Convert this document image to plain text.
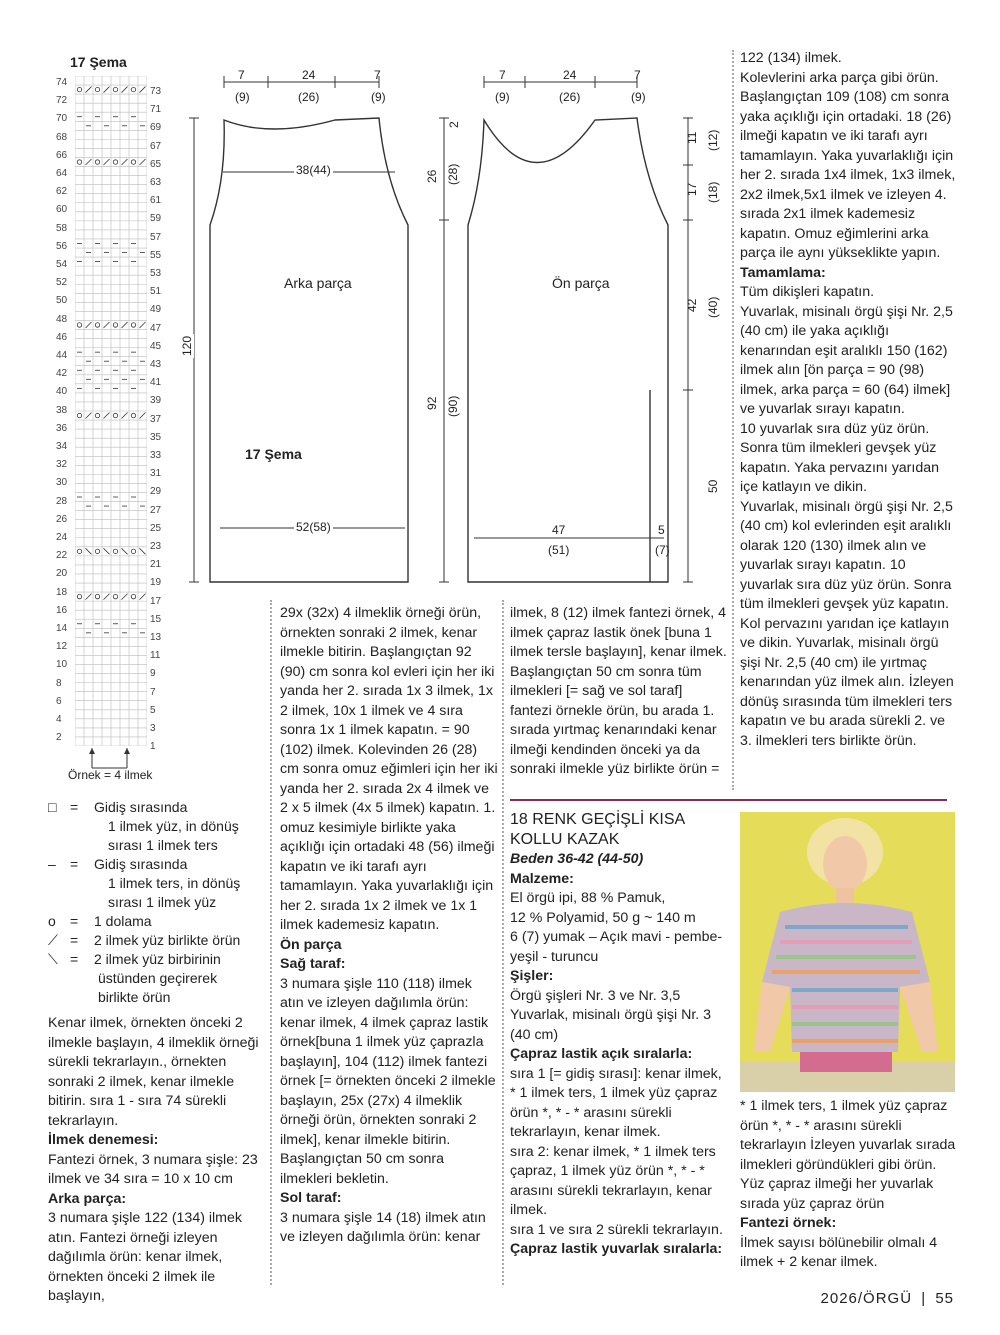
17 Şema
74
72
70
68
66
64
62
60
58
56
54
52
50
48
46
44
42
40
38
36
34
32
30
28
26
24
22
20
18
16
14
12
10
8
6
4
2
73
71
69
67
65
63
61
59
57
55
53
51
49
47
45
43
41
39
37
35
33
31
29
27
25
23
21
19
17
15
13
11
9
7
5
3
1
Örnek = 4 ilmek
□ =	Gidiş sırasında
1 ilmek yüz, in dönüş
sırası 1 ilmek ters
–	=	Gidiş sırasında
1 ilmek ters, in dönüş
sırası 1 ilmek yüz
o	=	1 dolama
⟋ =	2 ilmek yüz birlikte örün
⟍ =	2 ilmek yüz birbirinin
üstünden geçirerek
birlikte örün
7	24	7
(9)	(26)	(9)
38(44)
120
Arka parça
17 Şema
52(58)
7	24	7
(9)	(26)	(9)
2
26 (28)
92 (90)
11 (12)
17 (18)
42 (40)
50
Ön parça
47
(51)
5
(7)

Kenar ilmek, örnekten önceki 2 ilmekle başlayın, 4 ilmeklik örneği sürekli tekrarlayın., örnekten sonraki 2 ilmek, kenar ilmekle bitirin. sıra 1 - sıra 74 sürekli tekrarlayın.

İlmek denemesi:

Fantezi örnek, 3 numara şişle: 23 ilmek ve 34 sıra = 10 x 10 cm

Arka parça:

3 numara şişle 122 (134) ilmek atın. Fantezi örneği izleyen dağılımla örün: kenar ilmek, örnekten önceki 2 ilmek ile başlayın,

29x (32x) 4 ilmeklik örneği örün, örnekten sonraki 2 ilmek, kenar ilmekle bitirin. Başlangıçtan 92 (90) cm sonra kol evleri için her iki yanda her 2. sırada 1x 3 ilmek, 1x 2 ilmek, 10x 1 ilmek ve 4 sıra sonra 1x 1 ilmek kapatın. = 90 (102) ilmek. Kolevinden 26 (28) cm sonra omuz eğimleri için her iki yanda her 2. sırada 2x 4 ilmek ve 2 x 5 ilmek (4x 5 ilmek) kapatın. 1. omuz kesimiyle birlikte yaka açıklığı için ortadaki 48 (56) ilmeği kapatın ve iki tarafı ayrı tamamlayın. Yaka yuvarlaklığı için her 2. sırada 1x 2 ilmek ve 1x 1 ilmek kademesiz kapatın.

Ön parça

Sağ taraf:

3 numara şişle 110 (118) ilmek atın ve izleyen dağılımla örün: kenar ilmek, 4 ilmek çapraz lastik örnek[buna 1 ilmek yüz çaprazla başlayın], 104 (112) ilmek fantezi örnek [= örnekten önceki 2 ilmekle başlayın, 25x (27x) 4 ilmeklik örneği örün, örnekten sonraki 2 ilmek], kenar ilmekle bitirin. Başlangıçtan 50 cm sonra ilmekleri bekletin.

Sol taraf:

3 numara şişle 14 (18) ilmek atın ve izleyen dağılımla örün: kenar

ilmek, 8 (12) ilmek fantezi örnek, 4 ilmek çapraz lastik önek [buna 1 ilmek tersle başlayın], kenar ilmek. Başlangıçtan 50 cm sonra tüm ilmekleri [= sağ ve sol taraf] fantezi örnekle örün, bu arada 1. sırada yırtmaç kenarındaki kenar ilmeği kendinden önceki ya da sonraki ilmekle yüz birlikte örün =

18 RENK GEÇİŞLİ KISA

KOLLU KAZAK

Beden 36-42 (44-50)

Malzeme:

El örgü ipi, 88 % Pamuk,

12 % Polyamid, 50 g ~ 140 m

6 (7) yumak – Açık mavi - pembe-

yeşil - turuncu

Şişler:

Örgü şişleri Nr. 3 ve Nr. 3,5

Yuvarlak, misinalı örgü şişi Nr. 3

(40 cm)

Çapraz lastik açık sıralarla:

sıra 1 [= gidiş sırası]: kenar ilmek, * 1 ilmek ters, 1 ilmek yüz çapraz örün *, * - * arasını sürekli tekrarlayın, kenar ilmek.

sıra 2: kenar ilmek, * 1 ilmek ters çapraz, 1 ilmek yüz örün *, * - * arasını sürekli tekrarlayın, kenar ilmek.

sıra 1 ve sıra 2 sürekli tekrarlayın.

Çapraz lastik yuvarlak sıralarla:

122 (134) ilmek.

Kolevlerini arka parça gibi örün. Başlangıçtan 109 (108) cm sonra yaka açıklığı için ortadaki. 18 (26) ilmeği kapatın ve iki tarafı ayrı tamamlayın. Yaka yuvarlaklığı için her 2. sırada 1x4 ilmek, 1x3 ilmek, 2x2 ilmek,5x1 ilmek ve izleyen 4. sırada 2x1 ilmek kademesiz kapatın. Omuz eğimlerini arka parça ile aynı yükseklikte yapın.

Tamamlama:

Tüm dikişleri kapatın.

Yuvarlak, misinalı örgü şişi Nr. 2,5 (40 cm) ile yaka açıklığı kenarından eşit aralıklı 150 (162) ilmek alın [ön parça = 90 (98) ilmek, arka parça = 60 (64) ilmek] ve yuvarlak sırayı kapatın.

10 yuvarlak sıra düz yüz örün. Sonra tüm ilmekleri gevşek yüz kapatın. Yaka pervazını yarıdan içe katlayın ve dikin.

Yuvarlak, misinalı örgü şişi Nr. 2,5 (40 cm) kol evlerinden eşit aralıklı olarak 120 (130) ilmek alın ve yuvarlak sırayı kapatın. 10 yuvarlak sıra düz yüz örün. Sonra tüm ilmekleri gevşek yüz kapatın. Kol pervazını yarıdan içe katlayın ve dikin. Yuvarlak, misinalı örgü şişi Nr. 2,5 (40 cm) ile yırtmaç kenarından yüz ilmek alın. İzleyen dönüş sırasında tüm ilmekleri ters kapatın ve bu arada sürekli 2. ve 3. ilmekleri ters birlikte örün.

* 1 ilmek ters, 1 ilmek yüz çapraz örün *, * - * arasını sürekli tekrarlayın İzleyen yuvarlak sırada ilmekleri göründükleri gibi örün. Yüz çapraz ilmeği her yuvarlak sırada yüz çapraz örün

Fantezi örnek:

İlmek sayısı bölünebilir olmalı 4 ilmek + 2 kenar ilmek.

2026/ÖRGÜ | 55
